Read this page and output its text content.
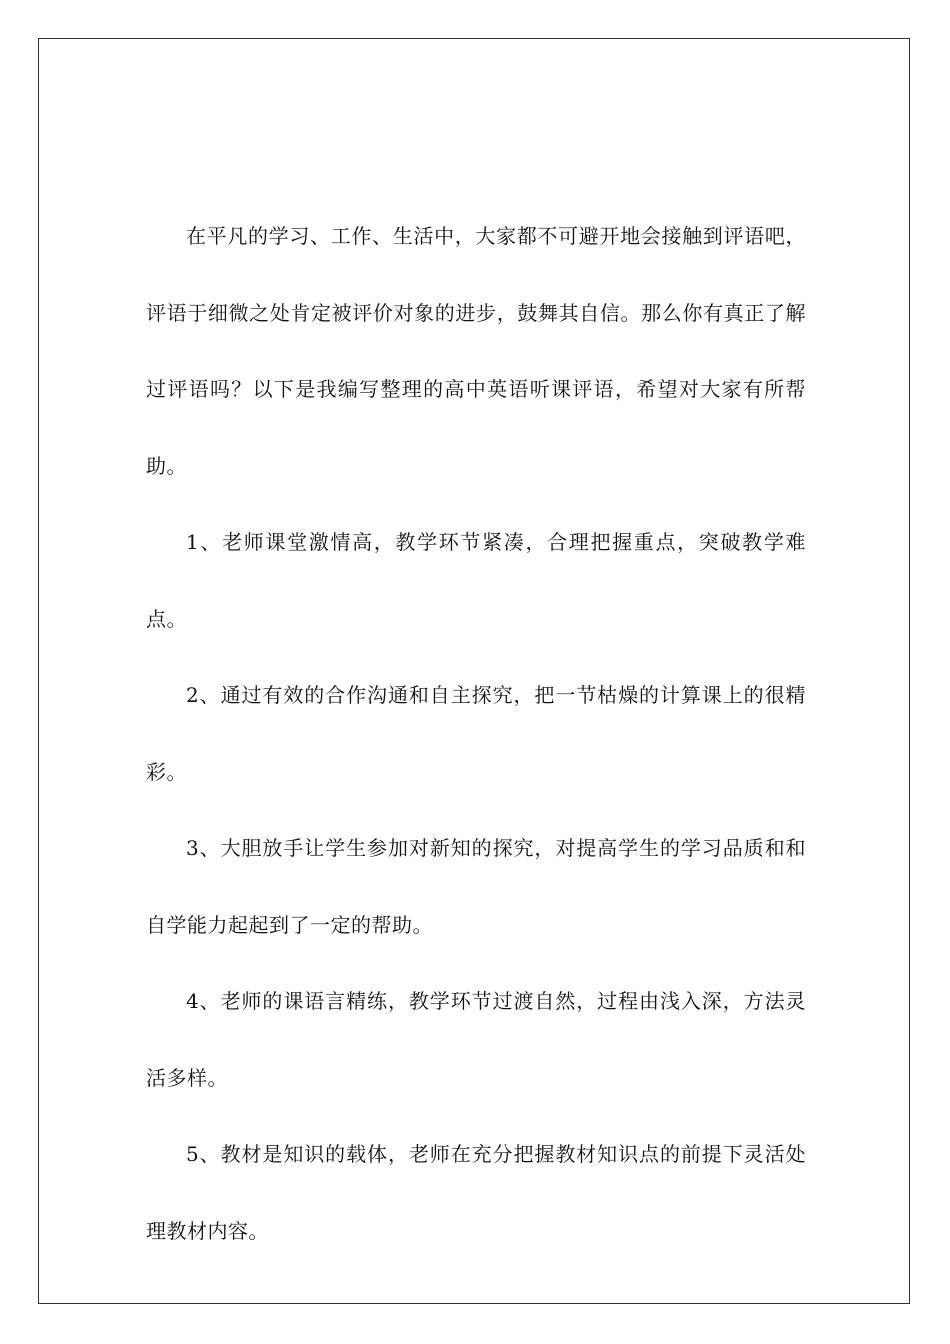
在平凡的学习、工作、生活中，大家都不可避开地会接触到评语吧，评语于细微之处肯定被评价对象的进步，鼓舞其自信。那么你有真正了解过评语吗？以下是我编写整理的高中英语听课评语，希望对大家有所帮助。

1、老师课堂激情高，教学环节紧凑，合理把握重点，突破教学难点。

2、通过有效的合作沟通和自主探究，把一节枯燥的计算课上的很精彩。

3、大胆放手让学生参加对新知的探究，对提高学生的学习品质和和自学能力起起到了一定的帮助。

4、老师的课语言精练，教学环节过渡自然，过程由浅入深，方法灵活多样。

5、教材是知识的载体，老师在充分把握教材知识点的前提下灵活处理教材内容。
